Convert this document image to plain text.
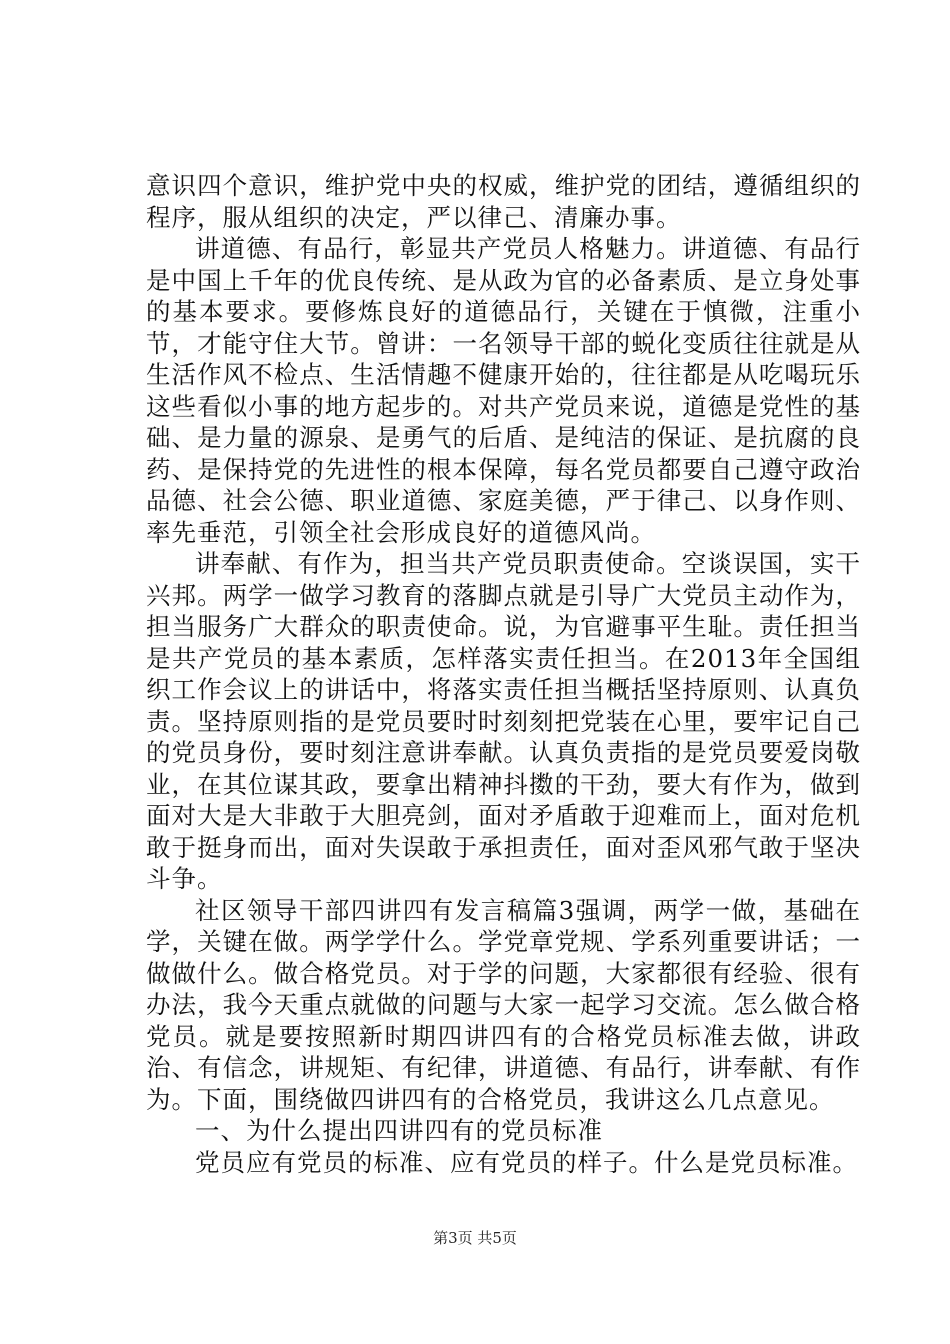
意识四个意识，维护党中央的权威，维护党的团结，遵循组织的程序，服从组织的决定，严以律己、清廉办事。

讲道德、有品行，彰显共产党员人格魅力。讲道德、有品行是中国上千年的优良传统、是从政为官的必备素质、是立身处事的基本要求。要修炼良好的道德品行，关键在于慎微，注重小节，才能守住大节。曾讲：一名领导干部的蜕化变质往往就是从生活作风不检点、生活情趣不健康开始的，往往都是从吃喝玩乐这些看似小事的地方起步的。对共产党员来说，道德是党性的基础、是力量的源泉、是勇气的后盾、是纯洁的保证、是抗腐的良药、是保持党的先进性的根本保障，每名党员都要自己遵守政治品德、社会公德、职业道德、家庭美德，严于律己、以身作则、率先垂范，引领全社会形成良好的道德风尚。

讲奉献、有作为，担当共产党员职责使命。空谈误国，实干兴邦。两学一做学习教育的落脚点就是引导广大党员主动作为，担当服务广大群众的职责使命。说，为官避事平生耻。责任担当是共产党员的基本素质，怎样落实责任担当。在2013年全国组织工作会议上的讲话中，将落实责任担当概括坚持原则、认真负责。坚持原则指的是党员要时时刻刻把党装在心里，要牢记自己的党员身份，要时刻注意讲奉献。认真负责指的是党员要爱岗敬业，在其位谋其政，要拿出精神抖擞的干劲，要大有作为，做到面对大是大非敢于大胆亮剑，面对矛盾敢于迎难而上，面对危机敢于挺身而出，面对失误敢于承担责任，面对歪风邪气敢于坚决斗争。

社区领导干部四讲四有发言稿篇3强调，两学一做，基础在学，关键在做。两学学什么。学党章党规、学系列重要讲话；一做做什么。做合格党员。对于学的问题，大家都很有经验、很有办法，我今天重点就做的问题与大家一起学习交流。怎么做合格党员。就是要按照新时期四讲四有的合格党员标准去做，讲政治、有信念，讲规矩、有纪律，讲道德、有品行，讲奉献、有作为。下面，围绕做四讲四有的合格党员，我讲这么几点意见。

一、为什么提出四讲四有的党员标准

党员应有党员的标准、应有党员的样子。什么是党员标准。

第3页 共5页
